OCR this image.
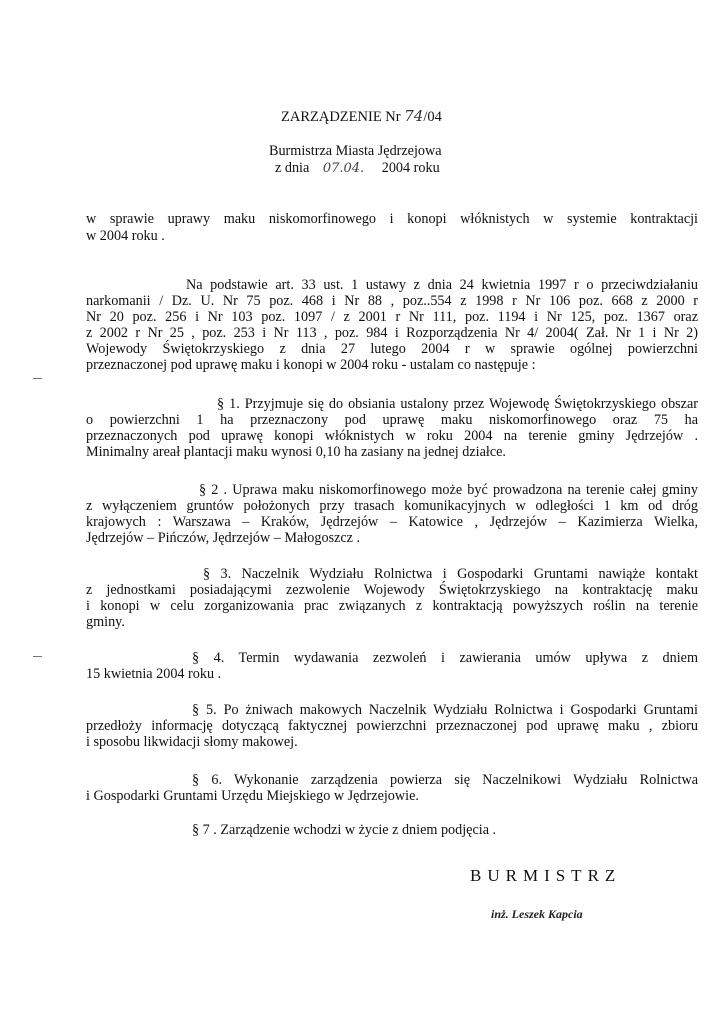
ZARZĄDZENIE Nr 74/04
Burmistrza Miasta Jędrzejowa
z dnia 07.04. 2004 roku
w sprawie uprawy maku niskomorfinowego i konopi włóknistych w systemie kontraktacji
w 2004 roku .
Na podstawie art. 33 ust. 1 ustawy z dnia 24 kwietnia 1997 r o przeciwdziałaniu
narkomanii / Dz. U. Nr 75 poz. 468 i Nr 88 , poz..554 z 1998 r Nr 106 poz. 668 z 2000 r
Nr 20 poz. 256 i Nr 103 poz. 1097 / z 2001 r Nr 111, poz. 1194 i Nr 125, poz. 1367 oraz
z 2002 r Nr 25 , poz. 253 i Nr 113 , poz. 984 i Rozporządzenia Nr 4/ 2004( Zał. Nr 1 i Nr 2)
Wojewody Świętokrzyskiego z dnia 27 lutego 2004 r w sprawie ogólnej powierzchni
przeznaczonej pod uprawę maku i konopi w 2004 roku - ustalam co następuje :
§ 1. Przyjmuje się do obsiania ustalony przez Wojewodę Świętokrzyskiego obszar
o powierzchni 1 ha przeznaczony pod uprawę maku niskomorfinowego oraz 75 ha
przeznaczonych pod uprawę konopi włóknistych w roku 2004 na terenie gminy Jędrzejów .
Minimalny areał plantacji maku wynosi 0,10 ha zasiany na jednej działce.
§ 2 . Uprawa maku niskomorfinowego może być prowadzona na terenie całej gminy
z wyłączeniem gruntów położonych przy trasach komunikacyjnych w odległości 1 km od dróg
krajowych : Warszawa – Kraków, Jędrzejów – Katowice , Jędrzejów – Kazimierza Wielka,
Jędrzejów – Pińczów, Jędrzejów – Małogoszcz .
§ 3. Naczelnik Wydziału Rolnictwa i Gospodarki Gruntami nawiąże kontakt
z jednostkami posiadającymi zezwolenie Wojewody Świętokrzyskiego na kontraktację maku
i konopi w celu zorganizowania prac związanych z kontraktacją powyższych roślin na terenie
gminy.
§ 4. Termin wydawania zezwoleń i zawierania umów upływa z dniem
15 kwietnia 2004 roku .
§ 5. Po żniwach makowych Naczelnik Wydziału Rolnictwa i Gospodarki Gruntami
przedłoży informację dotyczącą faktycznej powierzchni przeznaczonej pod uprawę maku , zbioru
i sposobu likwidacji słomy makowej.
§ 6. Wykonanie zarządzenia powierza się Naczelnikowi Wydziału Rolnictwa
i Gospodarki Gruntami Urzędu Miejskiego w Jędrzejowie.
§ 7 . Zarządzenie wchodzi w życie z dniem podjęcia .
BURMISTRZ
inż. Leszek Kapcia
